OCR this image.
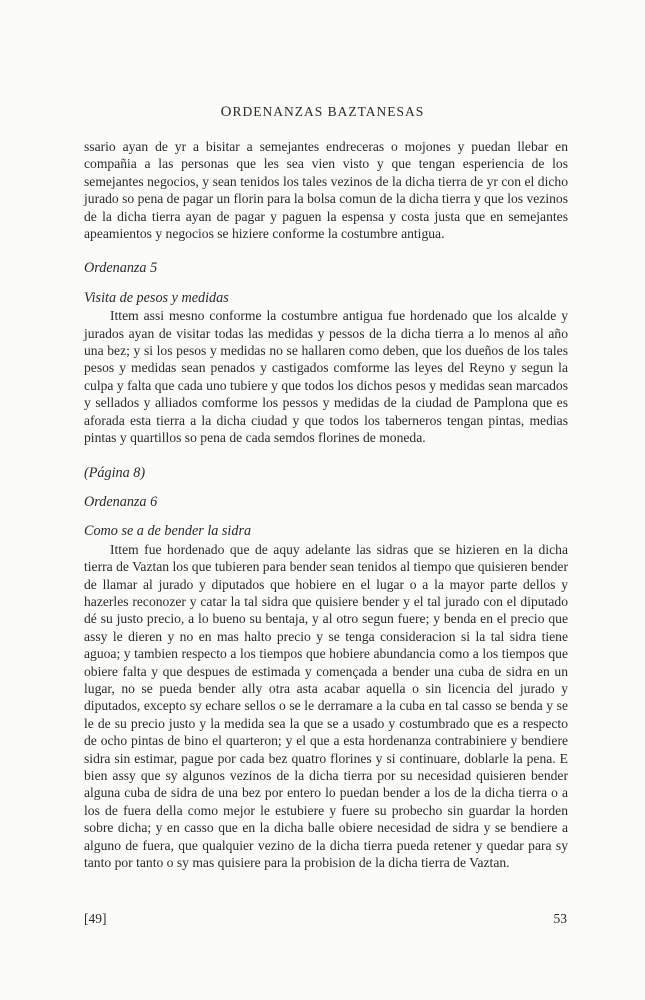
ORDENANZAS BAZTANESAS

ssario ayan de yr a bisitar a semejantes endreceras o mojones y puedan llebar en compañia a las personas que les sea vien visto y que tengan esperiencia de los semejantes negocios, y sean tenidos los tales vezinos de la dicha tierra de yr con el dicho jurado so pena de pagar un florin para la bolsa comun de la dicha tierra y que los vezinos de la dicha tierra ayan de pagar y paguen la espensa y costa justa que en semejantes apeamientos y negocios se hiziere conforme la costumbre antigua.

Ordenanza 5

Visita de pesos y medidas

Ittem assi mesno conforme la costumbre antigua fue hordenado que los alcalde y jurados ayan de visitar todas las medidas y pessos de la dicha tierra a lo menos al año una bez; y si los pesos y medidas no se hallaren como deben, que los dueños de los tales pesos y medidas sean penados y castigados comforme las leyes del Reyno y segun la culpa y falta que cada uno tubiere y que todos los dichos pesos y medidas sean marcados y sellados y alliados comforme los pessos y medidas de la ciudad de Pamplona que es aforada esta tierra a la dicha ciudad y que todos los taberneros tengan pintas, medias pintas y quartillos so pena de cada semdos florines de moneda.

(Página 8)

Ordenanza 6

Como se a de bender la sidra

Ittem fue hordenado que de aquy adelante las sidras que se hizieren en la dicha tierra de Vaztan los que tubieren para bender sean tenidos al tiempo que quisieren bender de llamar al jurado y diputados que hobiere en el lugar o a la mayor parte dellos y hazerles reconozer y catar la tal sidra que quisiere bender y el tal jurado con el diputado dé su justo precio, a lo bueno su bentaja, y al otro segun fuere; y benda en el precio que assy le dieren y no en mas halto precio y se tenga consideracion si la tal sidra tiene aguoa; y tambien respecto a los tiempos que hobiere abundancia como a los tiempos que obiere falta y que despues de estimada y començada a bender una cuba de sidra en un lugar, no se pueda bender ally otra asta acabar aquella o sin licencia del jurado y diputados, excepto sy echare sellos o se le derramare a la cuba en tal casso se benda y se le de su precio justo y la medida sea la que se a usado y costumbrado que es a respecto de ocho pintas de bino el quarteron; y el que a esta hordenanza contrabiniere y bendiere sidra sin estimar, pague por cada bez quatro florines y si continuare, doblarle la pena. E bien assy que sy algunos vezinos de la dicha tierra por su necesidad quisieren bender alguna cuba de sidra de una bez por entero lo puedan bender a los de la dicha tierra o a los de fuera della como mejor le estubiere y fuere su probecho sin guardar la horden sobre dicha; y en casso que en la dicha balle obiere necesidad de sidra y se bendiere a alguno de fuera, que qualquier vezino de la dicha tierra pueda retener y quedar para sy tanto por tanto o sy mas quisiere para la probision de la dicha tierra de Vaztan.

[49]	53
